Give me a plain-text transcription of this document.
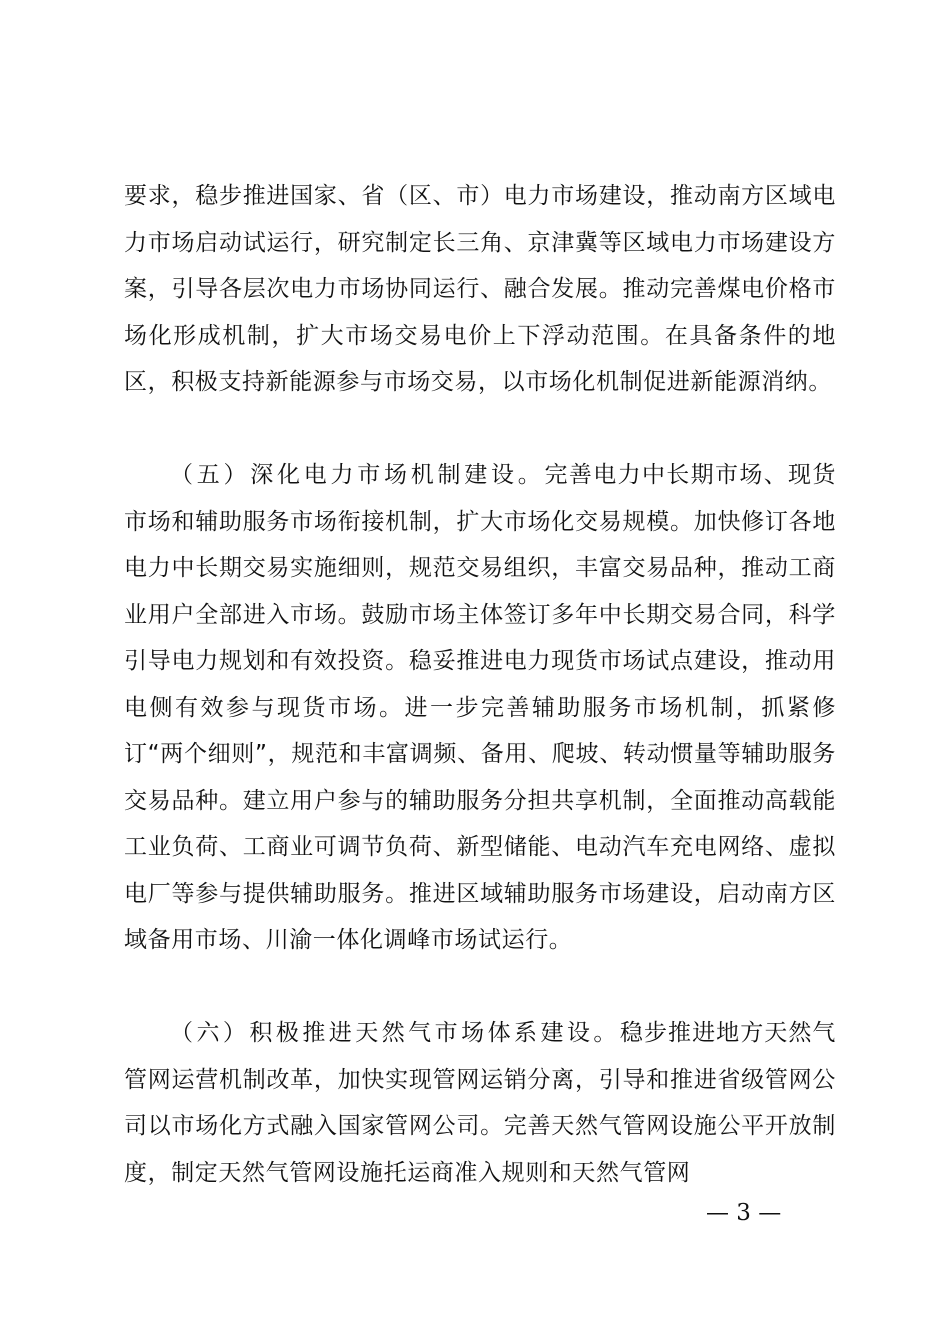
要求，稳步推进国家、省（区、市）电力市场建设，推动南方区域电力市场启动试运行，研究制定长三角、京津冀等区域电力市场建设方案，引导各层次电力市场协同运行、融合发展。推动完善煤电价格市场化形成机制，扩大市场交易电价上下浮动范围。在具备条件的地区，积极支持新能源参与市场交易，以市场化机制促进新能源消纳。

（五）深化电力市场机制建设。完善电力中长期市场、现货市场和辅助服务市场衔接机制，扩大市场化交易规模。加快修订各地电力中长期交易实施细则，规范交易组织，丰富交易品种，推动工商业用户全部进入市场。鼓励市场主体签订多年中长期交易合同，科学引导电力规划和有效投资。稳妥推进电力现货市场试点建设，推动用电侧有效参与现货市场。进一步完善辅助服务市场机制，抓紧修订“两个细则”，规范和丰富调频、备用、爬坡、转动惯量等辅助服务交易品种。建立用户参与的辅助服务分担共享机制，全面推动高载能工业负荷、工商业可调节负荷、新型储能、电动汽车充电网络、虚拟电厂等参与提供辅助服务。推进区域辅助服务市场建设，启动南方区域备用市场、川渝一体化调峰市场试运行。

（六）积极推进天然气市场体系建设。稳步推进地方天然气管网运营机制改革，加快实现管网运销分离，引导和推进省级管网公司以市场化方式融入国家管网公司。完善天然气管网设施公平开放制度，制定天然气管网设施托运商准入规则和天然气管网

— 3 —
